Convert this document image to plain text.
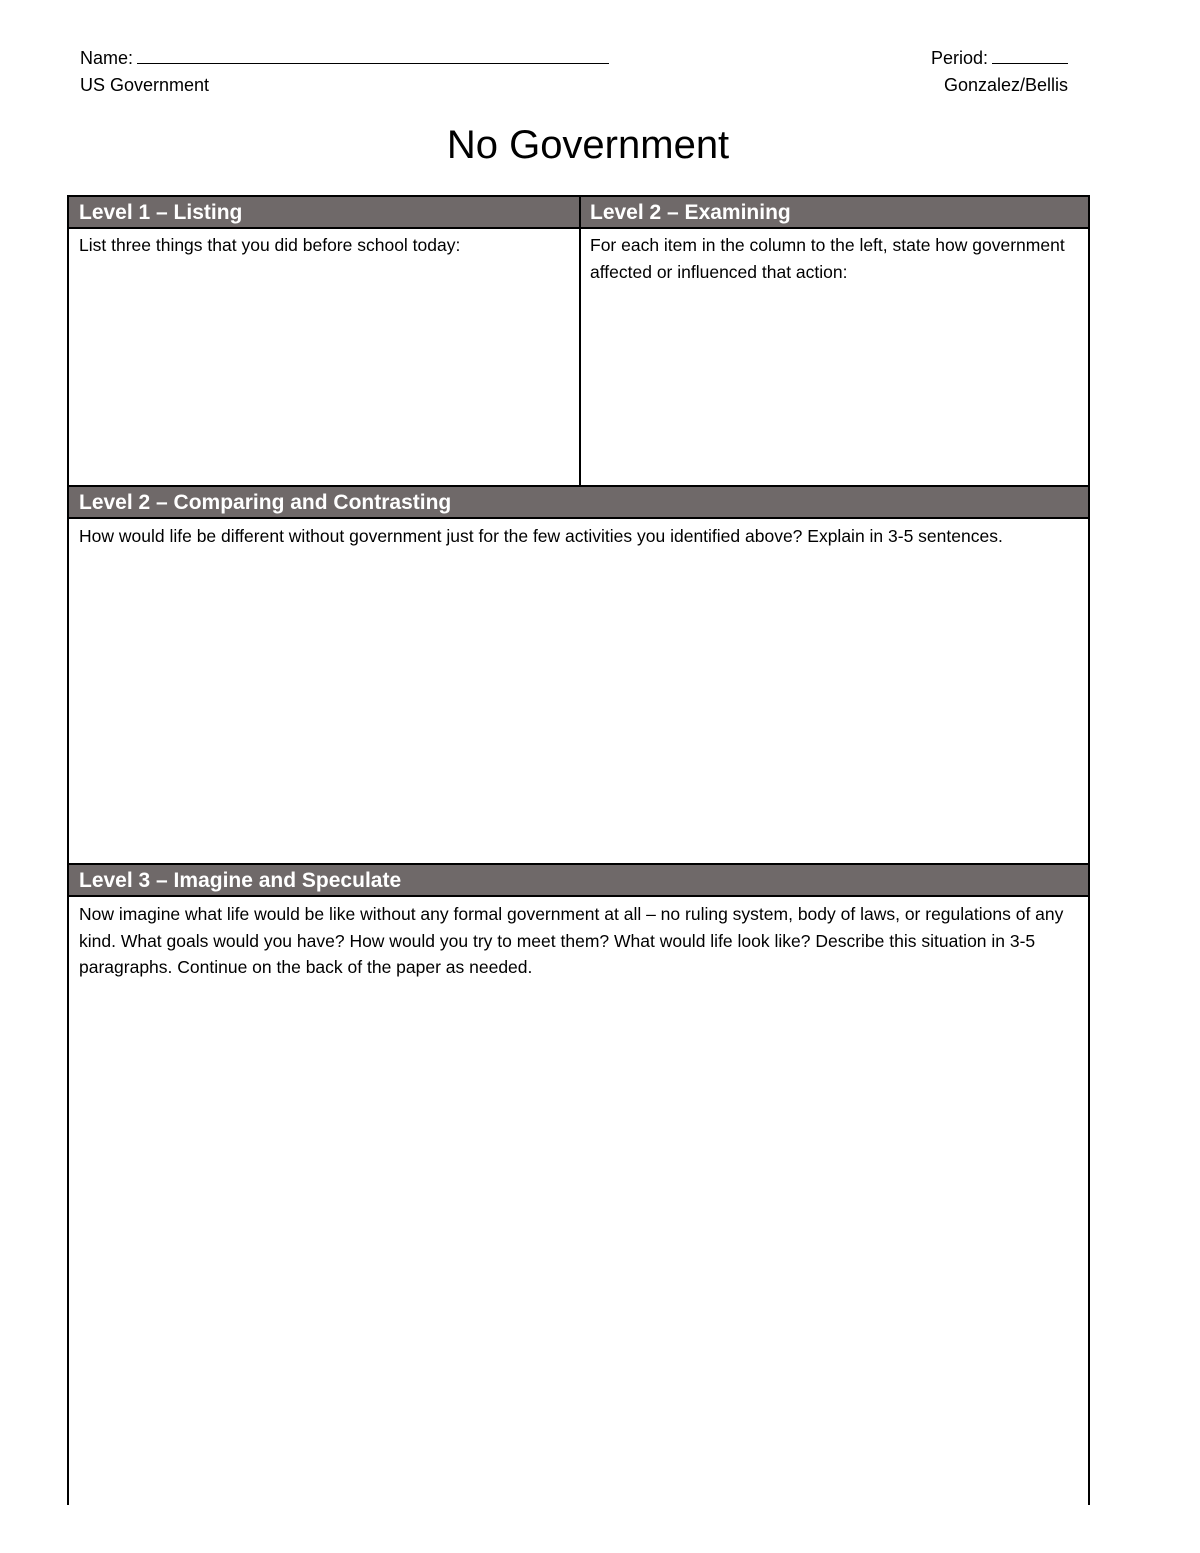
Name:
US Government
Period:
Gonzalez/Bellis
No Government
Level 1 – Listing	Level 2 – Examining
List three things that you did before school today:	For each item in the column to the left, state how government affected or influenced that action:
Level 2 – Comparing and Contrasting
How would life be different without government just for the few activities you identified above? Explain in 3-5 sentences.
Level 3 – Imagine and Speculate
Now imagine what life would be like without any formal government at all – no ruling system, body of laws, or regulations of any kind. What goals would you have? How would you try to meet them? What would life look like? Describe this situation in 3-5 paragraphs. Continue on the back of the paper as needed.
